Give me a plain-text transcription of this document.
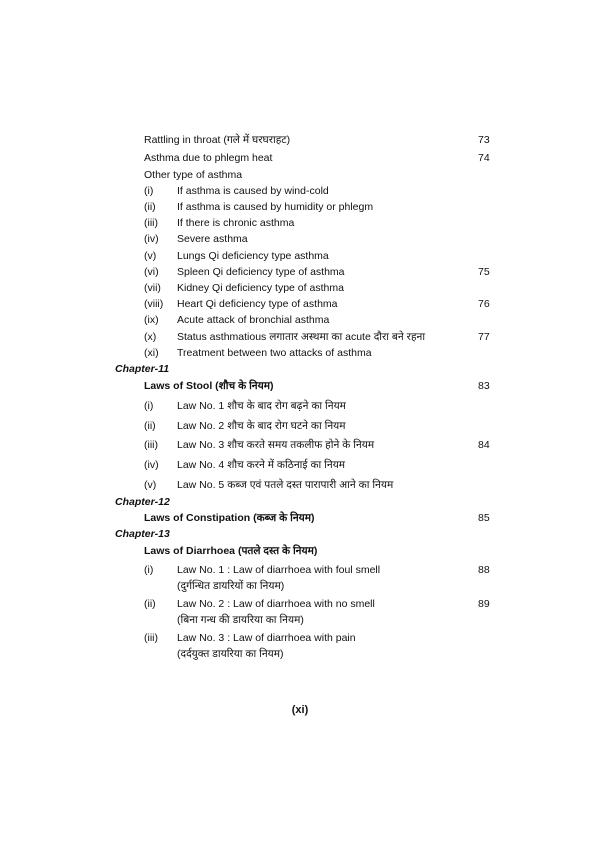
Rattling in throat (गले में घरघराहट)	73
Asthma due to phlegm heat	74
Other type of asthma
(i) If asthma is caused by wind-cold
(ii) If asthma is caused by humidity or phlegm
(iii) If there is chronic asthma
(iv) Severe asthma
(v) Lungs Qi deficiency type asthma
(vi) Spleen Qi deficiency type of asthma	75
(vii) Kidney Qi deficiency type of asthma
(viii) Heart Qi deficiency type of asthma	76
(ix) Acute attack of bronchial asthma
(x) Status asthmatious लगातार अस्थमा का acute दौरा बने रहना	77
(xi) Treatment between two attacks of asthma
Chapter-11
Laws of Stool (शौच के नियम)	83
(i) Law No. 1 शौच के बाद रोग बढ़ने का नियम
(ii) Law No. 2 शौच के बाद रोग घटने का नियम
(iii) Law No. 3 शौच करते समय तकलीफ होने के नियम	84
(iv) Law No. 4 शौच करने में कठिनाई का नियम
(v) Law No. 5 कब्ज एवं पतले दस्त पारापारी आने का नियम
Chapter-12
Laws of Constipation (कब्ज के नियम)	85
Chapter-13
Laws of Diarrhoea (पतले दस्त के नियम)
(i) Law No. 1 : Law of diarrhoea with foul smell	88
(दुर्गन्धित डायरियों का नियम)
(ii) Law No. 2 : Law of diarrhoea with no smell	89
(बिना गन्ध की डायरिया का नियम)
(iii) Law No. 3 : Law of diarrhoea with pain
(दर्दयुक्त डायरिया का नियम)
(xi)
